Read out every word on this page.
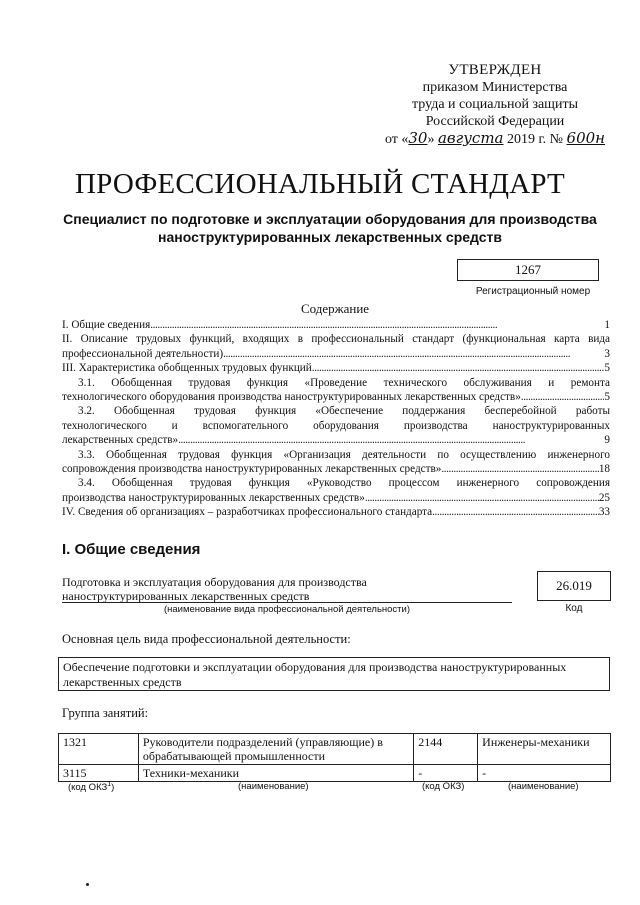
УТВЕРЖДЕН
приказом Министерства
труда и социальной защиты
Российской Федерации
от «30» августа 2019 г. № 600н
ПРОФЕССИОНАЛЬНЫЙ СТАНДАРТ
Специалист по подготовке и эксплуатации оборудования для производства наноструктурированных лекарственных средств
1267
Регистрационный номер
Содержание
I. Общие сведения . . .	1
II. Описание трудовых функций, входящих в профессиональный стандарт (функциональная карта вида
профессиональной деятельности) . . .	3
III. Характеристика обобщенных трудовых функций . . .	5
3.1. Обобщенная трудовая функция «Проведение технического обслуживания и ремонта
технологического оборудования производства наноструктурированных лекарственных средств» . . .	5
3.2. Обобщенная трудовая функция «Обеспечение поддержания бесперебойной работы
технологического и вспомогательного оборудования производства наноструктурированных
лекарственных средств» . . .	9
3.3. Обобщенная трудовая функция «Организация деятельности по осуществлению инженерного
сопровождения производства наноструктурированных лекарственных средств» . . .	18
3.4. Обобщенная трудовая функция «Руководство процессом инженерного сопровождения
производства наноструктурированных лекарственных средств» . . .	25
IV. Сведения об организациях – разработчиках профессионального стандарта . . .	33
I. Общие сведения
Подготовка и эксплуатация оборудования для производства
наноструктурированных лекарственных средств
(наименование вида профессиональной деятельности)
26.019
Код
Основная цель вида профессиональной деятельности:
Обеспечение подготовки и эксплуатации оборудования для производства наноструктурированных лекарственных средств
Группа занятий:
1321	Руководители подразделений (управляющие) в обрабатывающей промышленности	2144	Инженеры-механики
3115	Техники-механики	-	-
(код ОКЗ$^1$)	(наименование)	(код ОКЗ)	(наименование)
